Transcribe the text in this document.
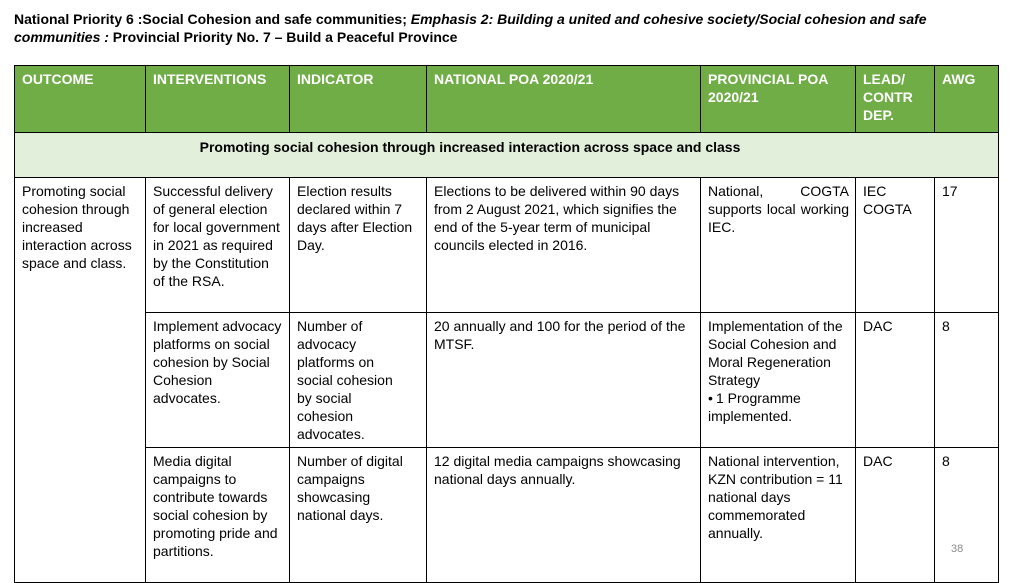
National Priority 6 :Social Cohesion and safe communities; Emphasis 2: Building a united and cohesive society/Social cohesion and safe communities : Provincial Priority No. 7 – Build a Peaceful Province
OUTCOME	INTERVENTIONS	INDICATOR	NATIONAL POA 2020/21	PROVINCIAL POA 2020/21	LEAD/ CONTR DEP.	AWG
Promoting social cohesion through increased interaction across space and class						
Promoting social cohesion through increased interaction across space and class.	Successful delivery of general election for local government in 2021 as required by the Constitution of the RSA.	Election results declared within 7 days after Election Day.	Elections to be delivered within 90 days from 2 August 2021, which signifies the end of the 5-year term of municipal councils elected in 2016.	National, COGTA supports local working IEC.	IEC COGTA	17
	Implement advocacy platforms on social cohesion by Social Cohesion advocates.	Number of advocacy platforms on social cohesion by social cohesion advocates.	20 annually and 100 for the period of the MTSF.	Implementation of the Social Cohesion and Moral Regeneration Strategy
• 1 Programme implemented.	DAC	8
	Media digital campaigns to contribute towards social cohesion by promoting pride and partitions.	Number of digital campaigns showcasing national days.	12 digital media campaigns showcasing national days annually.	National intervention, KZN contribution = 11 national days commemorated annually.	DAC	8
38
